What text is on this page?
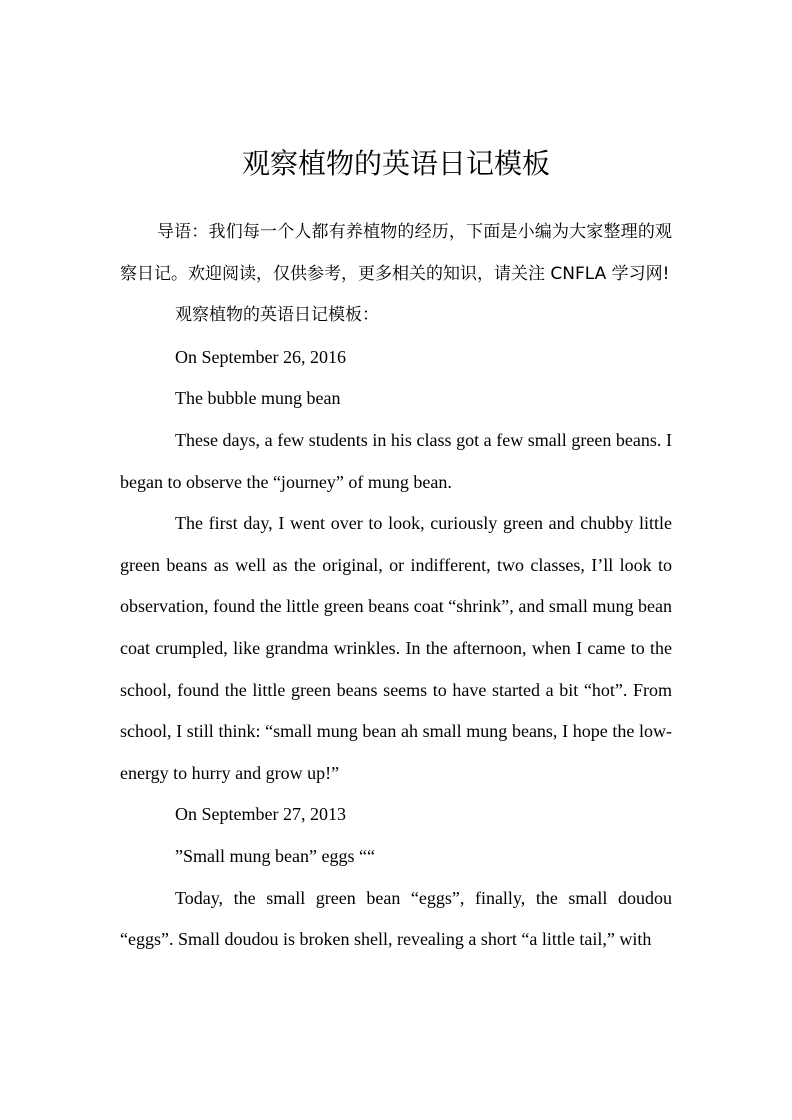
观察植物的英语日记模板

导语：我们每一个人都有养植物的经历，下面是小编为大家整理的观察日记。欢迎阅读，仅供参考，更多相关的知识，请关注 CNFLA 学习网!

观察植物的英语日记模板：

On September 26, 2016

The bubble mung bean

These days, a few students in his class got a few small green beans. I began to observe the “journey” of mung bean.

The first day, I went over to look, curiously green and chubby little green beans as well as the original, or indifferent, two classes, I’ll look to observation, found the little green beans coat “shrink”, and small mung bean coat crumpled, like grandma wrinkles. In the afternoon, when I came to the school, found the little green beans seems to have started a bit “hot”. From school, I still think: “small mung bean ah small mung beans, I hope the low-energy to hurry and grow up!”

On September 27, 2013

”Small mung bean” eggs ““

Today, the small green bean “eggs”, finally, the small doudou “eggs”. Small doudou is broken shell, revealing a short “a little tail,” with
